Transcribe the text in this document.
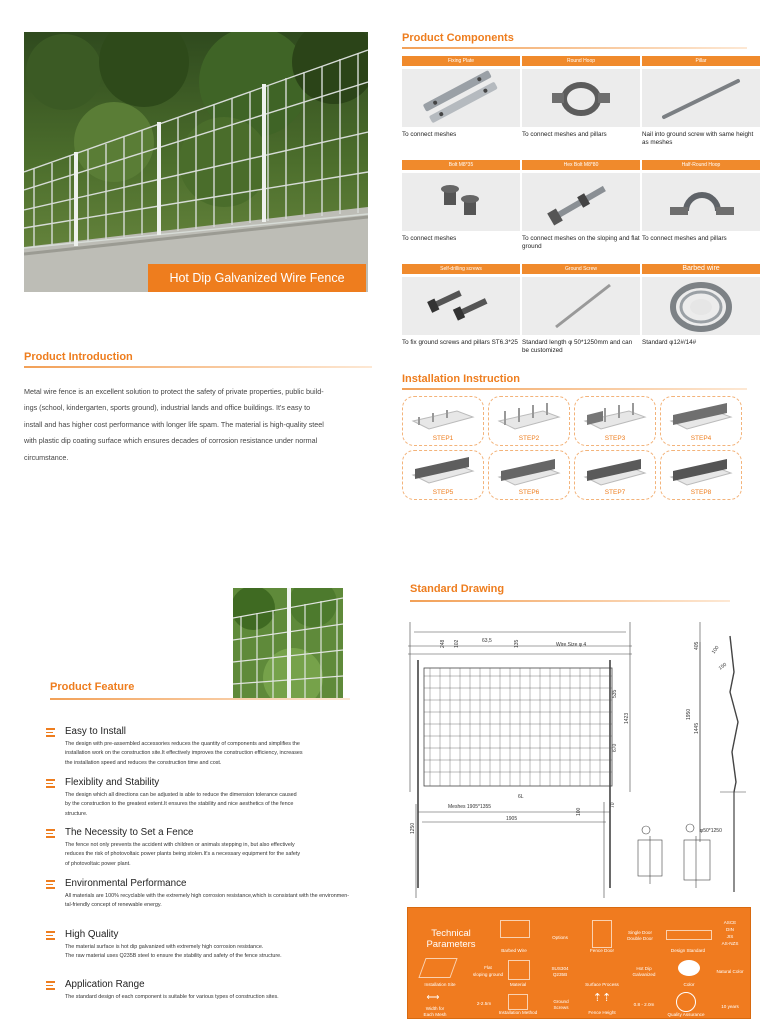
Hot Dip Galvanized Wire Fence
Product Introduction
Metal wire fence is an excellent solution to protect the safety of private properties, public build-
ings (school, kindergarten, sports ground), industrial lands and office buildings. It's easy to
install and has higher cost performance with longer life spam. The material is high-quality steel
with plastic dip coating surface which ensures decades of corrosion resistance under normal
circumstance.
Product Components
Fixing Plate
To connect meshes
Round Hoop
To connect meshes and pillars
Pillar
Nail into ground screw with same height as meshes
Bolt M8*35
To connect meshes
Hex Bolt M8*80
To connect meshes on the sloping and flat ground
Half-Round Hoop
To connect meshes and pillars
Self-drilling screws
To fix ground screws and pillars ST6.3*25
Ground Screw
Standard length φ 50*1250mm and can be customized
Barbed wire
Standard φ12#/14#
Installation Instruction
STEP1	STEP2	STEP3	STEP4
STEP5	STEP6	STEP7	STEP8
Product Feature
Easy to Install

The design with pre-assembled accessories reduces the quantity of components and simplifies the
installation work on the construction site.It effectively improves the construction efficiency, increases
the installation speed and reduces the construction time and cost.

Flexiblity and Stability

The design which all directions can be adjusted is able to reduce the dimension tolerance caused
by the construction to the greatest extent.It ensures the stability and nice aesthetics of the fence
structure.

The Necessity to Set a Fence

The fence not only prevents the accident with children or animals stepping in, but also effectively
reduces the risk of photovoltaic power plants being stolen.It's a necessary equipment for the safety
of photovoltaic power plant.

Environmental Performance

All materials are 100% recyclable with the extremely high corrosion resistance,which is consistant with the environmen-
tal-friendly concept of renewable energy.

High Quality

The material surface is hot dip galvanized with extremely high corrosion resistance.
The raw material uses Q235B steel to ensure the stability and safety of the fence structure.

Application Range

The standard design of each component is suitable for various types of construction sites.

Standard Drawing
248 102	63,5	135	Wire Size φ 4	405 100
150
535
1950
1445
670
1423
70
6L
Meshes 1905*1355
100
1905
1250	φ50*1250
Technical Parameters
Barbed Wire
Options
Fence Door
Single Door
Double Door
Design Standard
ASCE
DIN
JIS
AS-NZS
Installation Site
Flat
sloping ground
Material
SUS304
Q235B
Surface Process
Hot Dip
Galvanized
Color
Natural Color
⟷
Width for
Each Mesh
2-2.5m
Installation Method
Ground
Screws
⇡⇡
Fence Height
0.8 - 2.0m
Quality Assurance
10 years
